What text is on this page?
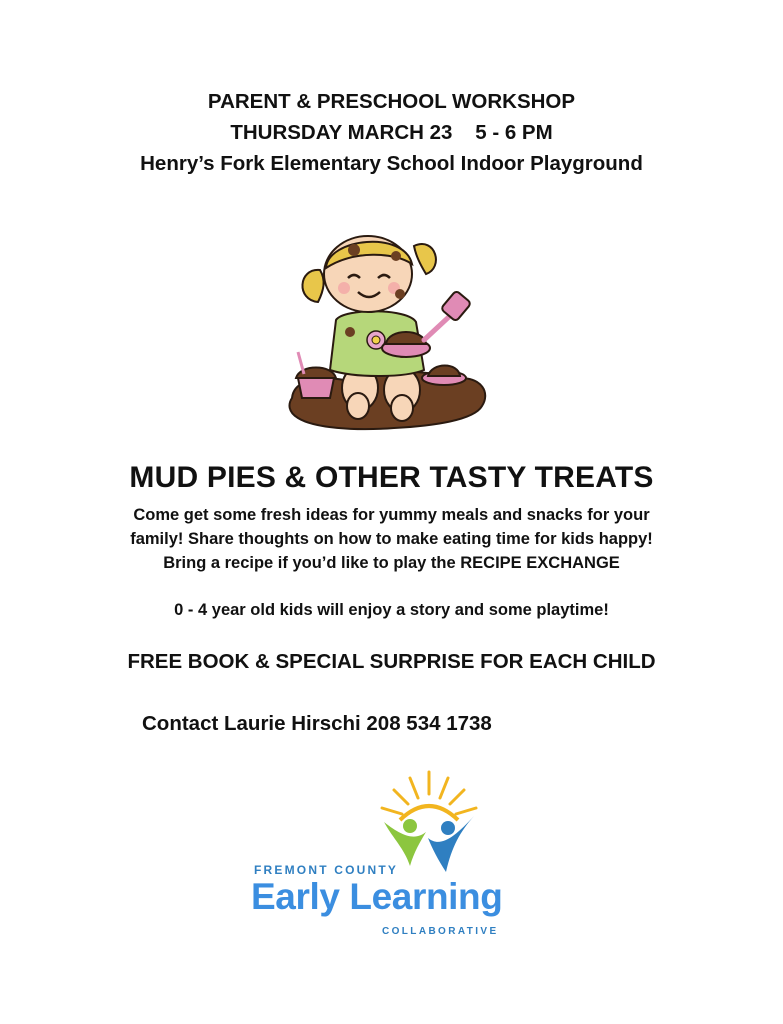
PARENT & PRESCHOOL WORKSHOP
THURSDAY MARCH 23    5 - 6 PM
Henry’s Fork Elementary School Indoor Playground
MUD PIES & OTHER TASTY TREATS
Come get some fresh ideas for yummy meals and snacks for your
family! Share thoughts on how to make eating time for kids happy!
Bring a recipe if you’d like to play the RECIPE EXCHANGE
0 - 4 year old kids will enjoy a story and some playtime!
FREE BOOK & SPECIAL SURPRISE FOR EACH CHILD
Contact Laurie Hirschi 208 534 1738
FREMONT COUNTY
Early Learning
COLLABORATIVE
